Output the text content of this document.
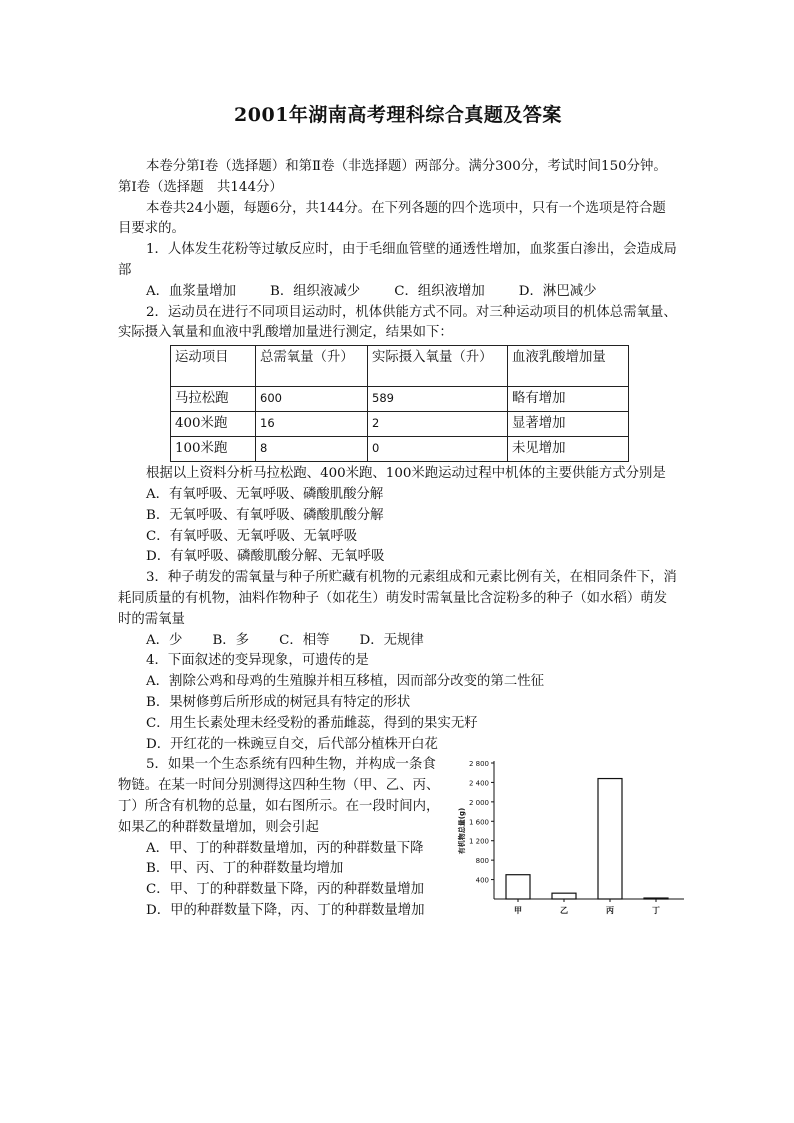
2001年湖南高考理科综合真题及答案

本卷分第Ⅰ卷（选择题）和第Ⅱ卷（非选择题）两部分。满分300分，考试时间150分钟。

第Ⅰ卷（选择题　共144分）

本卷共24小题，每题6分，共144分。在下列各题的四个选项中，只有一个选项是符合题目要求的。

1．人体发生花粉等过敏反应时，由于毛细血管壁的通透性增加，血浆蛋白渗出，会造成局部

A．血浆量增加	B．组织液减少	C．组织液增加	D．淋巴减少

2．运动员在进行不同项目运动时，机体供能方式不同。对三种运动项目的机体总需氧量、实际摄入氧量和血液中乳酸增加量进行测定，结果如下：

运动项目	总需氧量（升）	实际摄入氧量（升）	血液乳酸增加量
马拉松跑	600	589	略有增加
400米跑	16	2	显著增加
100米跑	8	0	未见增加

根据以上资料分析马拉松跑、400米跑、100米跑运动过程中机体的主要供能方式分别是

A．有氧呼吸、无氧呼吸、磷酸肌酸分解

B．无氧呼吸、有氧呼吸、磷酸肌酸分解

C．有氧呼吸、无氧呼吸、无氧呼吸

D．有氧呼吸、磷酸肌酸分解、无氧呼吸

3．种子萌发的需氧量与种子所贮藏有机物的元素组成和元素比例有关，在相同条件下，消耗同质量的有机物，油料作物种子（如花生）萌发时需氧量比含淀粉多的种子（如水稻）萌发时的需氧量

A．少 B．多 C．相等 D．无规律

4．下面叙述的变异现象，可遗传的是

A．割除公鸡和母鸡的生殖腺并相互移植，因而部分改变的第二性征

B．果树修剪后所形成的树冠具有特定的形状

C．用生长素处理未经受粉的番茄雌蕊，得到的果实无籽

D．开红花的一株豌豆自交，后代部分植株开白花

5．如果一个生态系统有四种生物，并构成一条食物链。在某一时间分别测得这四种生物（甲、乙、丙、丁）所含有机物的总量，如右图所示。在一段时间内，如果乙的种群数量增加，则会引起

A．甲、丁的种群数量增加，丙的种群数量下降

B．甲、丙、丁的种群数量均增加

C．甲、丁的种群数量下降，丙的种群数量增加

D．甲的种群数量下降，丙、丁的种群数量增加

400
800
1 200
1 600
2 000
2 400
2 800
有机物总量(g)
甲	乙	丙	丁
